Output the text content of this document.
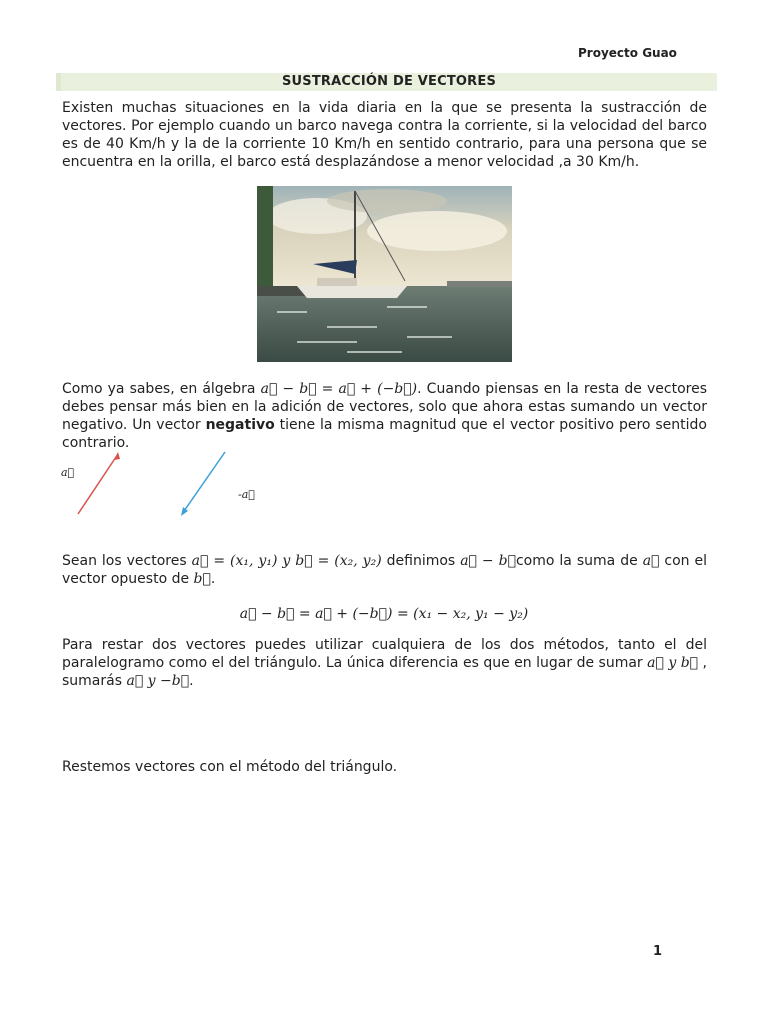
Proyecto Guao
SUSTRACCIÓN DE VECTORES
Existen muchas situaciones en la vida diaria en la que se presenta la sustracción de vectores. Por ejemplo cuando un barco navega contra la corriente, si la velocidad del barco es de 40 Km/h y la de la corriente 10 Km/h en sentido contrario, para una persona que se encuentra en la orilla, el barco está desplazándose a menor velocidad ,a 30 Km/h.
Como ya sabes, en álgebra a⃗ − b⃗ = a⃗ + (−b⃗). Cuando piensas en la resta de vectores debes pensar más bien en la adición de vectores, solo que ahora estas sumando un vector negativo. Un vector negativo tiene la misma magnitud que el vector positivo pero sentido contrario.
a⃗
-a⃗
Sean los vectores a⃗ = (x₁, y₁) y b⃗ = (x₂, y₂) definimos a⃗ − b⃗como la suma de a⃗ con el vector opuesto de b⃗.
a⃗ − b⃗ = a⃗ + (−b⃗) = (x₁ − x₂, y₁ − y₂)
Para restar dos vectores puedes utilizar cualquiera de los dos métodos, tanto el del paralelogramo como el del triángulo. La única diferencia es que en lugar de sumar a⃗ y b⃗ , sumarás a⃗ y −b⃗.
Restemos vectores con el método del triángulo.
1
